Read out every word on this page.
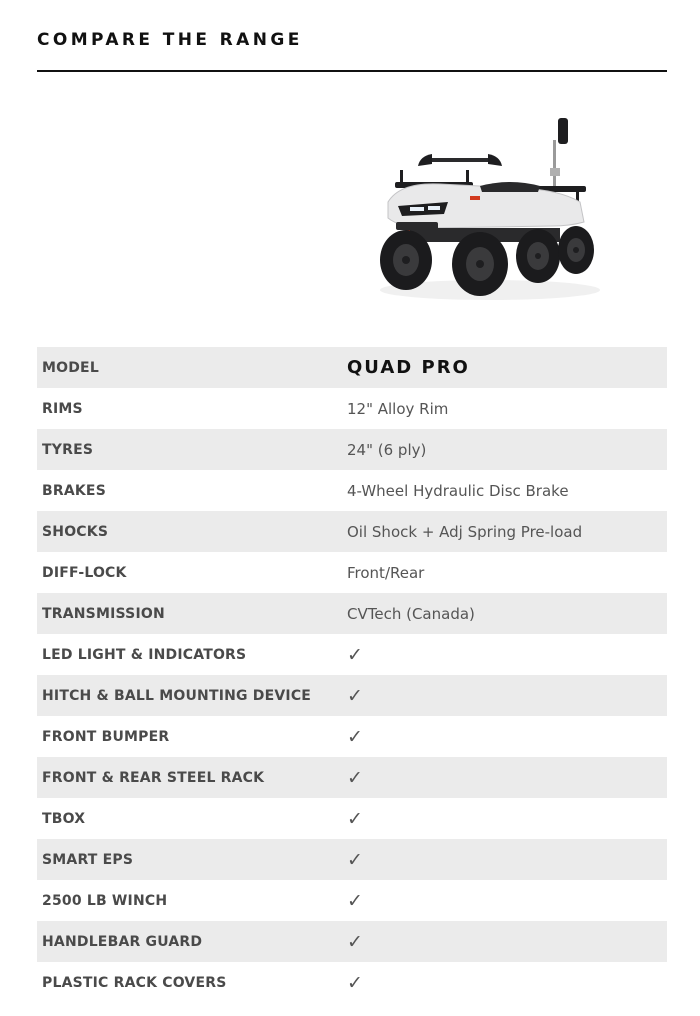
COMPARE THE RANGE
MODEL	QUAD PRO
RIMS	12" Alloy Rim
TYRES	24" (6 ply)
BRAKES	4-Wheel Hydraulic Disc Brake
SHOCKS	Oil Shock + Adj Spring Pre-load
DIFF-LOCK	Front/Rear
TRANSMISSION	CVTech (Canada)
LED LIGHT & INDICATORS	✓
HITCH & BALL MOUNTING DEVICE	✓
FRONT BUMPER	✓
FRONT & REAR STEEL RACK	✓
TBOX	✓
SMART EPS	✓
2500 LB WINCH	✓
HANDLEBAR GUARD	✓
PLASTIC RACK COVERS	✓
